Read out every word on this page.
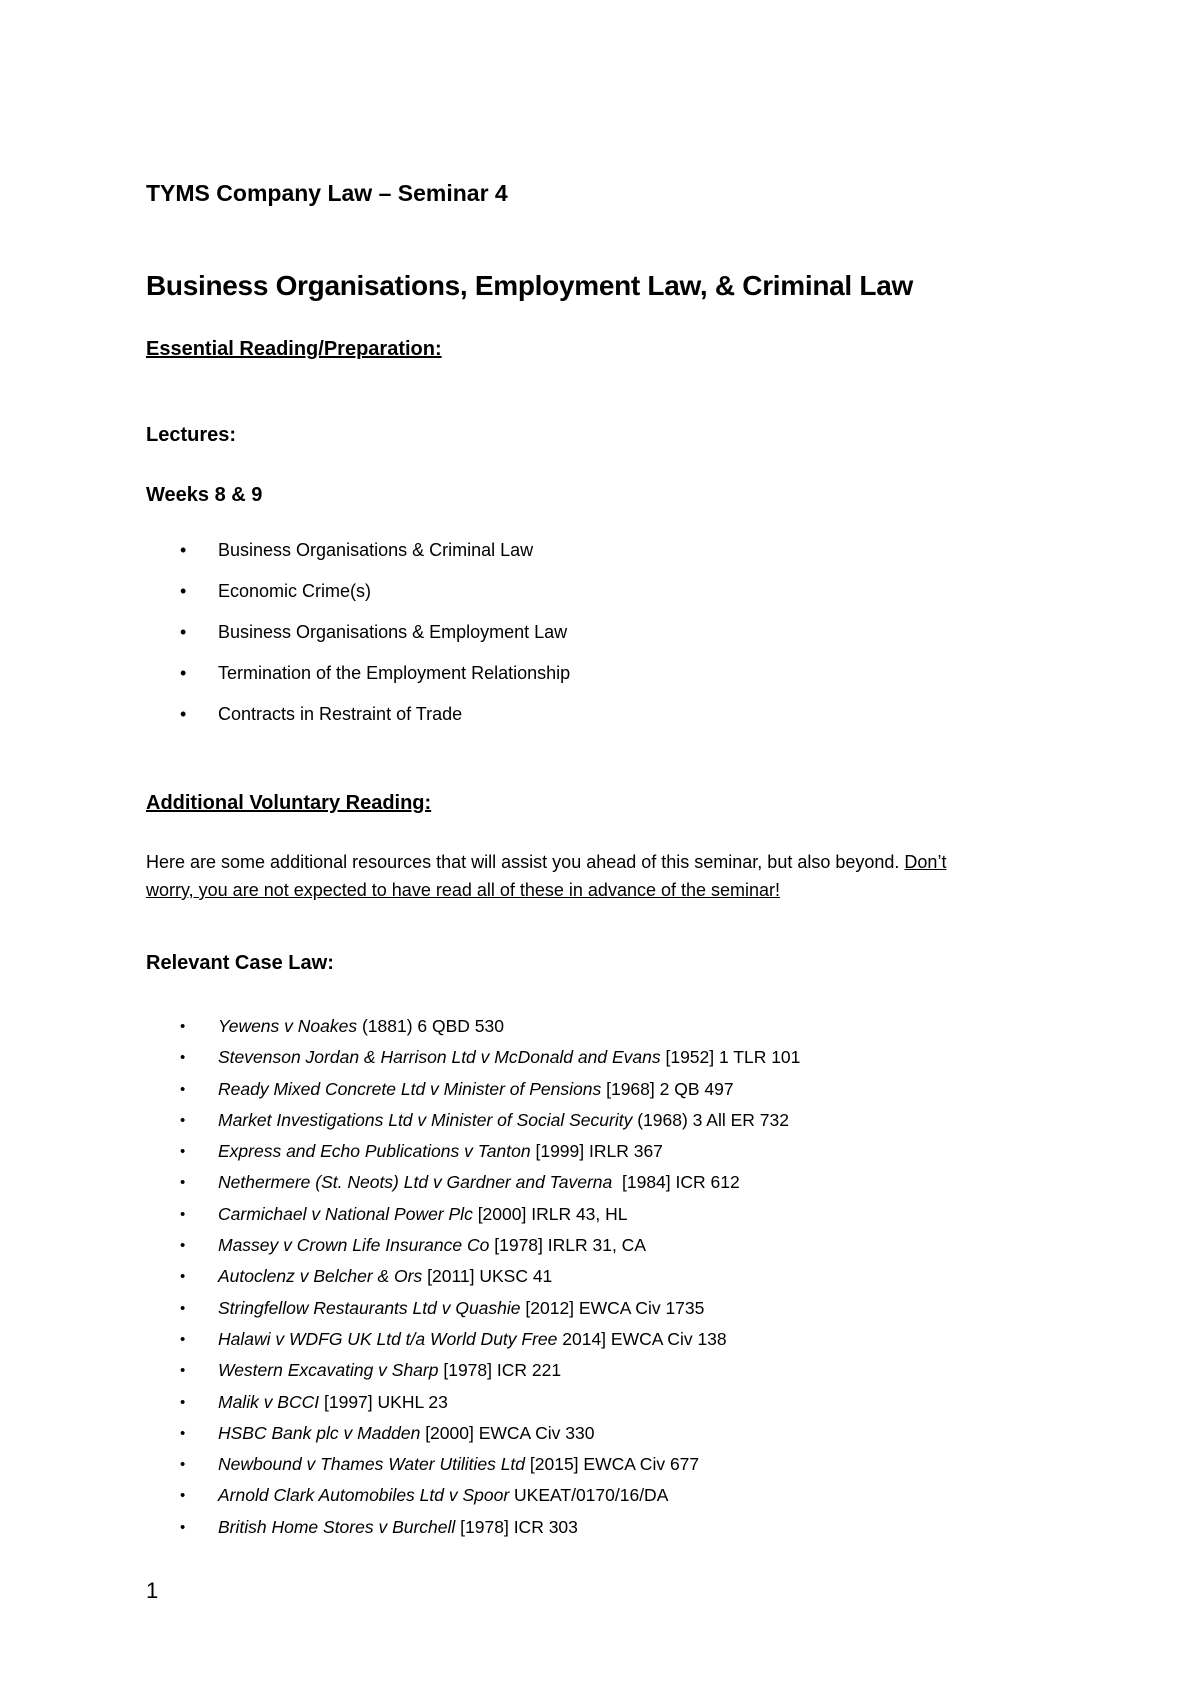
TYMS Company Law – Seminar 4
Business Organisations, Employment Law, & Criminal Law
Essential Reading/Preparation:
Lectures:
Weeks 8 & 9
•	Business Organisations & Criminal Law
•	Economic Crime(s)
•	Business Organisations & Employment Law
•	Termination of the Employment Relationship
•	Contracts in Restraint of Trade
Additional Voluntary Reading:
Here are some additional resources that will assist you ahead of this seminar, but also beyond. Don’t
worry, you are not expected to have read all of these in advance of the seminar!
Relevant Case Law:
•	Yewens v Noakes (1881) 6 QBD 530
•	Stevenson Jordan & Harrison Ltd v McDonald and Evans [1952] 1 TLR 101
•	Ready Mixed Concrete Ltd v Minister of Pensions [1968] 2 QB 497
•	Market Investigations Ltd v Minister of Social Security (1968) 3 All ER 732
•	Express and Echo Publications v Tanton [1999] IRLR 367
•	Nethermere (St. Neots) Ltd v Gardner and Taverna [1984] ICR 612
•	Carmichael v National Power Plc [2000] IRLR 43, HL
•	Massey v Crown Life Insurance Co [1978] IRLR 31, CA
•	Autoclenz v Belcher & Ors [2011] UKSC 41
•	Stringfellow Restaurants Ltd v Quashie [2012] EWCA Civ 1735
•	Halawi v WDFG UK Ltd t/a World Duty Free 2014] EWCA Civ 138
•	Western Excavating v Sharp [1978] ICR 221
•	Malik v BCCI [1997] UKHL 23
•	HSBC Bank plc v Madden [2000] EWCA Civ 330
•	Newbound v Thames Water Utilities Ltd [2015] EWCA Civ 677
•	Arnold Clark Automobiles Ltd v Spoor UKEAT/0170/16/DA
•	British Home Stores v Burchell [1978] ICR 303
1
